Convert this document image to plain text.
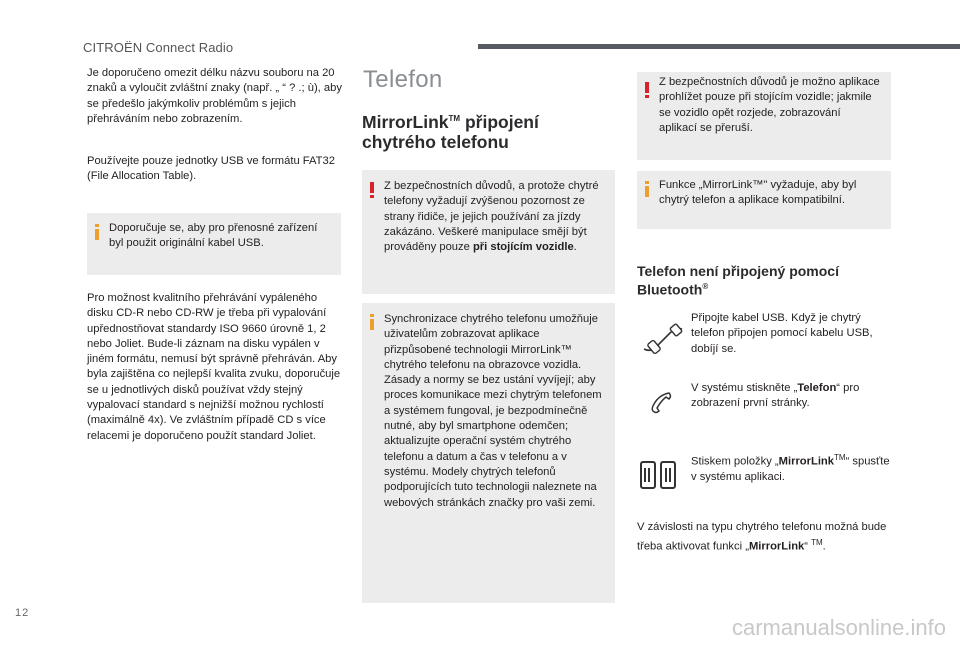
CITROËN Connect Radio

Je doporučeno omezit délku názvu souboru na 20 znaků a vyloučit zvláštní znaky (např. „ “ ? .; ù), aby se předešlo jakýmkoliv problémům s jejich přehráváním nebo zobrazením.

Používejte pouze jednotky USB ve formátu FAT32 (File Allocation Table).

Doporučuje se, aby pro přenosné zařízení byl použit originální kabel USB.

Pro možnost kvalitního přehrávání vypáleného disku CD-R nebo CD-RW je třeba při vypalování upřednostňovat standardy ISO 9660 úrovně 1, 2 nebo Joliet. Bude-li záznam na disku vypálen v jiném formátu, nemusí být správně přehráván. Aby byla zajištěna co nejlepší kvalita zvuku, doporučuje se u jednotlivých disků používat vždy stejný vypalovací standard s nejnižší možnou rychlostí (maximálně 4x). Ve zvláštním případě CD s více relacemi je doporučeno použít standard Joliet.

Telefon
MirrorLink™ připojení chytrého telefonu

Z bezpečnostních důvodů, a protože chytré telefony vyžadují zvýšenou pozornost ze strany řidiče, je jejich používání za jízdy zakázáno. Veškeré manipulace smějí být prováděny pouze při stojícím vozidle.

Synchronizace chytrého telefonu umožňuje uživatelům zobrazovat aplikace přizpůsobené technologii MirrorLink™ chytrého telefonu na obrazovce vozidla. Zásady a normy se bez ustání vyvíjejí; aby proces komunikace mezi chytrým telefonem a systémem fungoval, je bezpodmínečně nutné, aby byl smartphone odemčen; aktualizujte operační systém chytrého telefonu a datum a čas v telefonu a v systému. Modely chytrých telefonů podporujících tuto technologii naleznete na webových stránkách značky pro vaši zemi.

Z bezpečnostních důvodů je možno aplikace prohlížet pouze při stojícím vozidle; jakmile se vozidlo opět rozjede, zobrazování aplikací se přeruší.

Funkce „MirrorLink™" vyžaduje, aby byl chytrý telefon a aplikace kompatibilní.

Telefon není připojený pomocí Bluetooth®

Připojte kabel USB. Když je chytrý telefon připojen pomocí kabelu USB, dobíjí se.

V systému stiskněte „Telefon“ pro zobrazení první stránky.

Stiskem položky „MirrorLink™“ spusťte v systému aplikaci.

V závislosti na typu chytrého telefonu možná bude třeba aktivovat funkci „MirrorLink“ ™.

12
carmanualsonline.info
